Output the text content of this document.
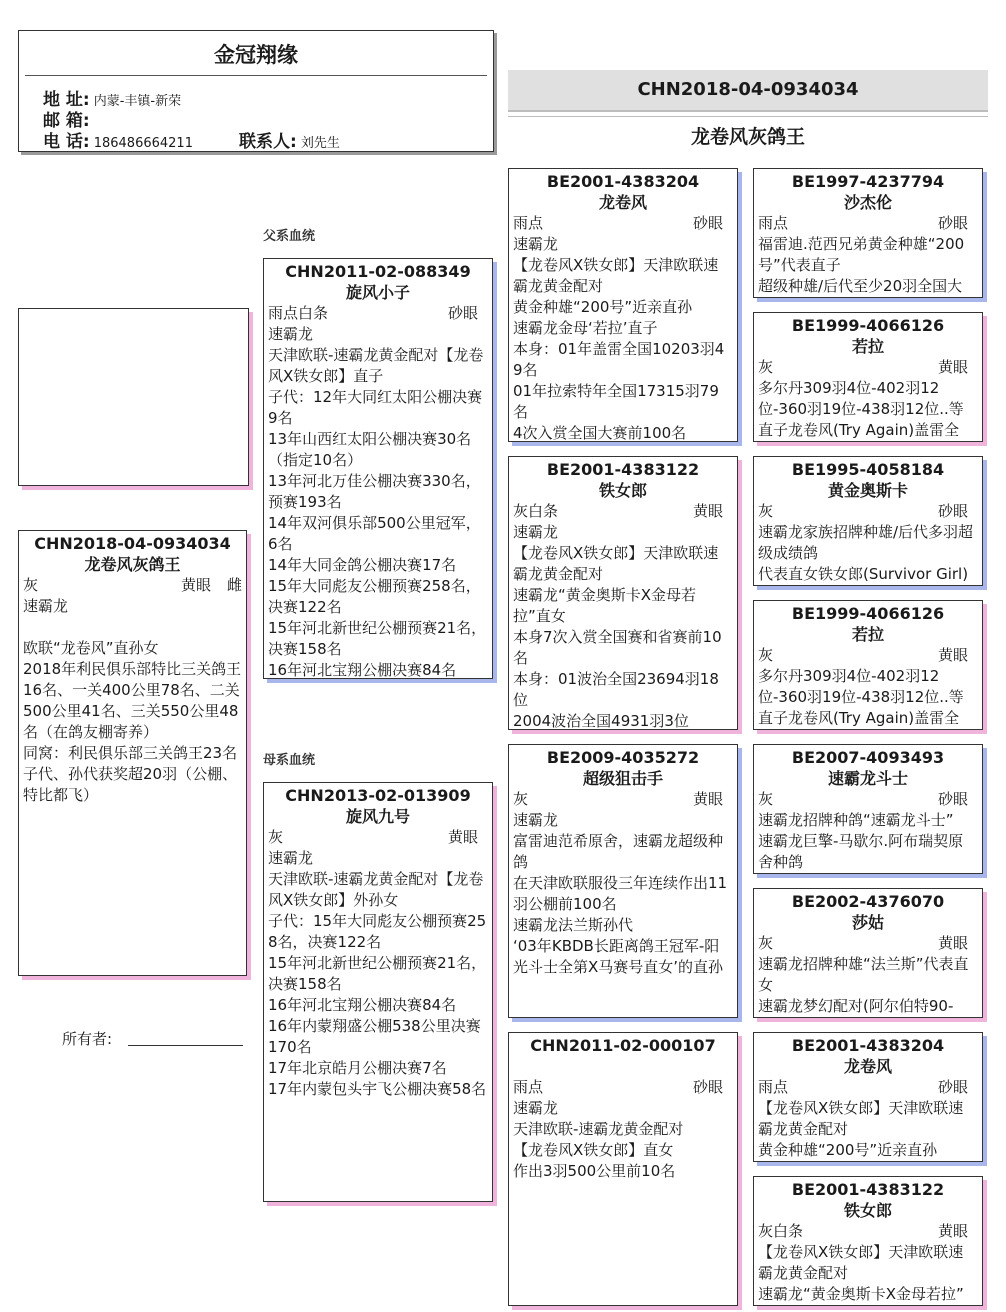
金冠翔缘
地 址: 内蒙-丰镇-新荣
邮 箱:
电 话: 186486664211	联系人: 刘先生
CHN2018-04-0934034
龙卷风灰鸽王
父系血统
母系血统
CHN2018-04-0934034
龙卷风灰鸽王
灰	黄眼 雌
速霸龙

欧联“龙卷风”直孙女
2018年利民俱乐部特比三关鸽王16名、一关400公里78名、二关500公里41名、三关550公里48名（在鸽友棚寄养）
同窝：利民俱乐部三关鸽王23名
子代、孙代获奖超20羽（公棚、特比都飞）
所有者:
CHN2011-02-088349
旋风小子
雨点白条	砂眼
速霸龙
天津欧联-速霸龙黄金配对【龙卷风X铁女郎】直子
子代：12年大同红太阳公棚决赛9名
13年山西红太阳公棚决赛30名（指定10名）
13年河北万佳公棚决赛330名，预赛193名
14年双河俱乐部500公里冠军，6名
14年大同金鸽公棚决赛17名
15年大同彪友公棚预赛258名，决赛122名
15年河北新世纪公棚预赛21名，决赛158名
16年河北宝翔公棚决赛84名
CHN2013-02-013909
旋风九号
灰	黄眼
速霸龙
天津欧联-速霸龙黄金配对【龙卷风X铁女郎】外孙女
子代：15年大同彪友公棚预赛258名，决赛122名
15年河北新世纪公棚预赛21名，决赛158名
16年河北宝翔公棚决赛84名
16年内蒙翔盛公棚538公里决赛170名
17年北京皓月公棚决赛7名
17年内蒙包头宇飞公棚决赛58名
BE2001-4383204
龙卷风
雨点	砂眼
速霸龙
【龙卷风X铁女郎】天津欧联速霸龙黄金配对
黄金种雄“200号”近亲直孙
速霸龙金母‘若拉’直子
本身：01年盖雷全国10203羽49名
01年拉索特年全国17315羽79名
4次入赏全国大赛前100名
BE2001-4383122
铁女郎
灰白条	黄眼
速霸龙
【龙卷风X铁女郎】天津欧联速霸龙黄金配对
速霸龙“黄金奥斯卡X金母若拉”直女
本身7次入赏全国赛和省赛前10名
本身：01波治全国23694羽18位
2004波治全国4931羽3位
BE2009-4035272
超级狙击手
灰	黄眼
速霸龙
富雷迪范希原舍，速霸龙超级种鸽
在天津欧联服役三年连续作出11羽公棚前100名
速霸龙法兰斯孙代
‘03年KBDB长距离鸽王冠军-阳光斗士全第X马赛号直女’的直孙
CHN2011-02-000107
雨点	砂眼
速霸龙
天津欧联-速霸龙黄金配对
【龙卷风X铁女郎】直女
作出3羽500公里前10名
BE1997-4237794
沙杰伦
雨点	砂眼
福雷迪.范西兄弟黄金种雄“200号”代表直子
超级种雄/后代至少20羽全国大
BE1999-4066126
若拉
灰	黄眼
多尔丹309羽4位-402羽12
位-360羽19位-438羽12位..等
直子龙卷风(Try Again)盖雷全
BE1995-4058184
黄金奥斯卡
灰	砂眼
速霸龙家族招牌种雄/后代多羽超级成绩鸽
代表直女铁女郎(Survivor Girl)
BE1999-4066126
若拉
灰	黄眼
多尔丹309羽4位-402羽12
位-360羽19位-438羽12位..等
直子龙卷风(Try Again)盖雷全
BE2007-4093493
速霸龙斗士
灰	砂眼
速霸龙招牌种鸽“速霸龙斗士”
速霸龙巨擎-马歇尔.阿布瑞契原舍种鸽
BE2002-4376070
莎姑
灰	黄眼
速霸龙招牌种雄“法兰斯”代表直女
速霸龙梦幻配对(阿尔伯特90-
BE2001-4383204
龙卷风
雨点	砂眼
【龙卷风X铁女郎】天津欧联速霸龙黄金配对
黄金种雄“200号”近亲直孙
BE2001-4383122
铁女郎
灰白条	黄眼
【龙卷风X铁女郎】天津欧联速霸龙黄金配对
速霸龙“黄金奥斯卡X金母若拉”
